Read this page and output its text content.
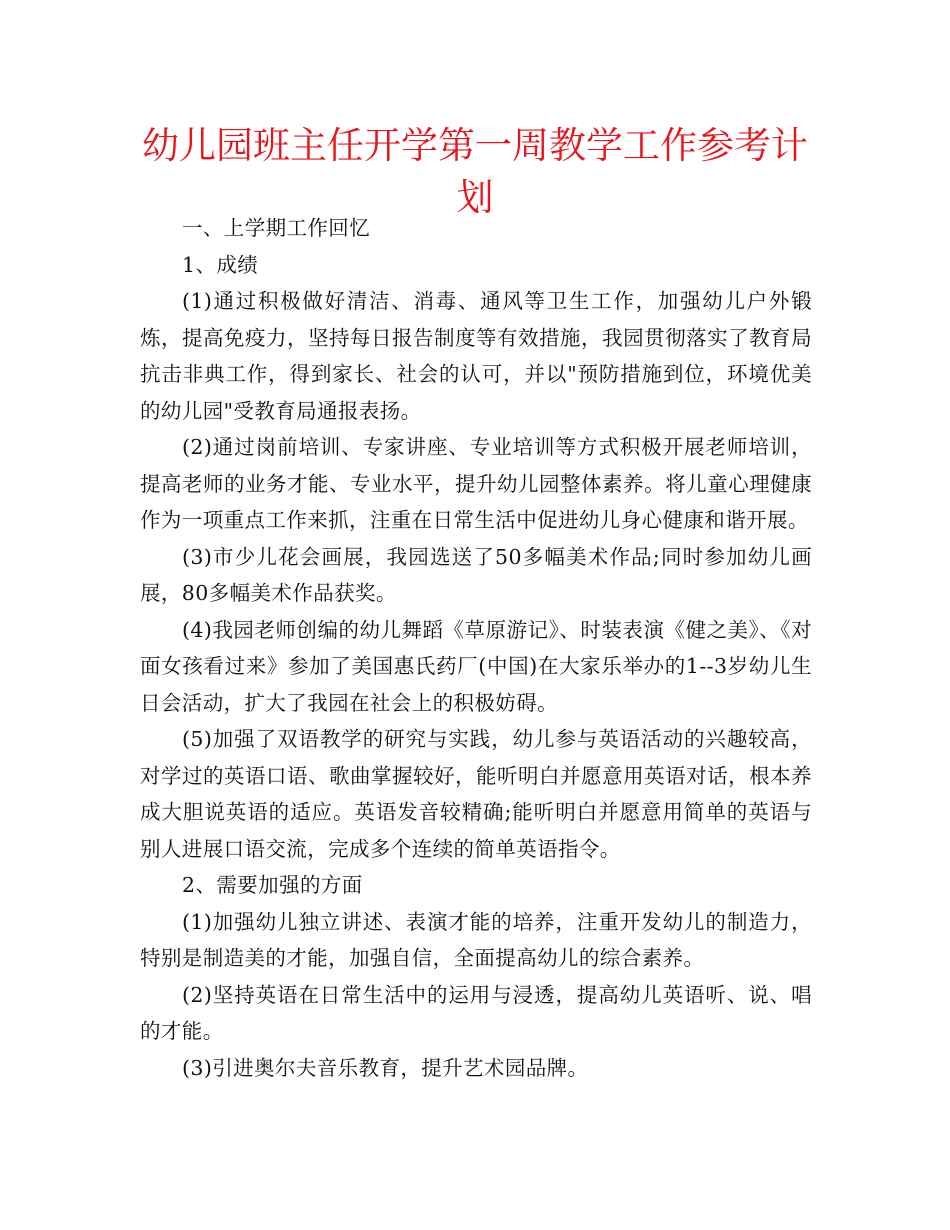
幼儿园班主任开学第一周教学工作参考计划

一、上学期工作回忆

1、成绩

(1)通过积极做好清洁、消毒、通风等卫生工作，加强幼儿户外锻炼，提高免疫力，坚持每日报告制度等有效措施，我园贯彻落实了教育局抗击非典工作，得到家长、社会的认可，并以"预防措施到位，环境优美的幼儿园"受教育局通报表扬。

(2)通过岗前培训、专家讲座、专业培训等方式积极开展老师培训，提高老师的业务才能、专业水平，提升幼儿园整体素养。将儿童心理健康作为一项重点工作来抓，注重在日常生活中促进幼儿身心健康和谐开展。

(3)市少儿花会画展，我园选送了50多幅美术作品;同时参加幼儿画展，80多幅美术作品获奖。

(4)我园老师创编的幼儿舞蹈《草原游记》、时装表演《健之美》、《对面女孩看过来》参加了美国惠氏药厂(中国)在大家乐举办的1--3岁幼儿生日会活动，扩大了我园在社会上的积极妨碍。

(5)加强了双语教学的研究与实践，幼儿参与英语活动的兴趣较高，对学过的英语口语、歌曲掌握较好，能听明白并愿意用英语对话，根本养成大胆说英语的适应。英语发音较精确;能听明白并愿意用简单的英语与别人进展口语交流，完成多个连续的简单英语指令。

2、需要加强的方面

(1)加强幼儿独立讲述、表演才能的培养，注重开发幼儿的制造力，特别是制造美的才能，加强自信，全面提高幼儿的综合素养。

(2)坚持英语在日常生活中的运用与浸透，提高幼儿英语听、说、唱的才能。

(3)引进奥尔夫音乐教育，提升艺术园品牌。
